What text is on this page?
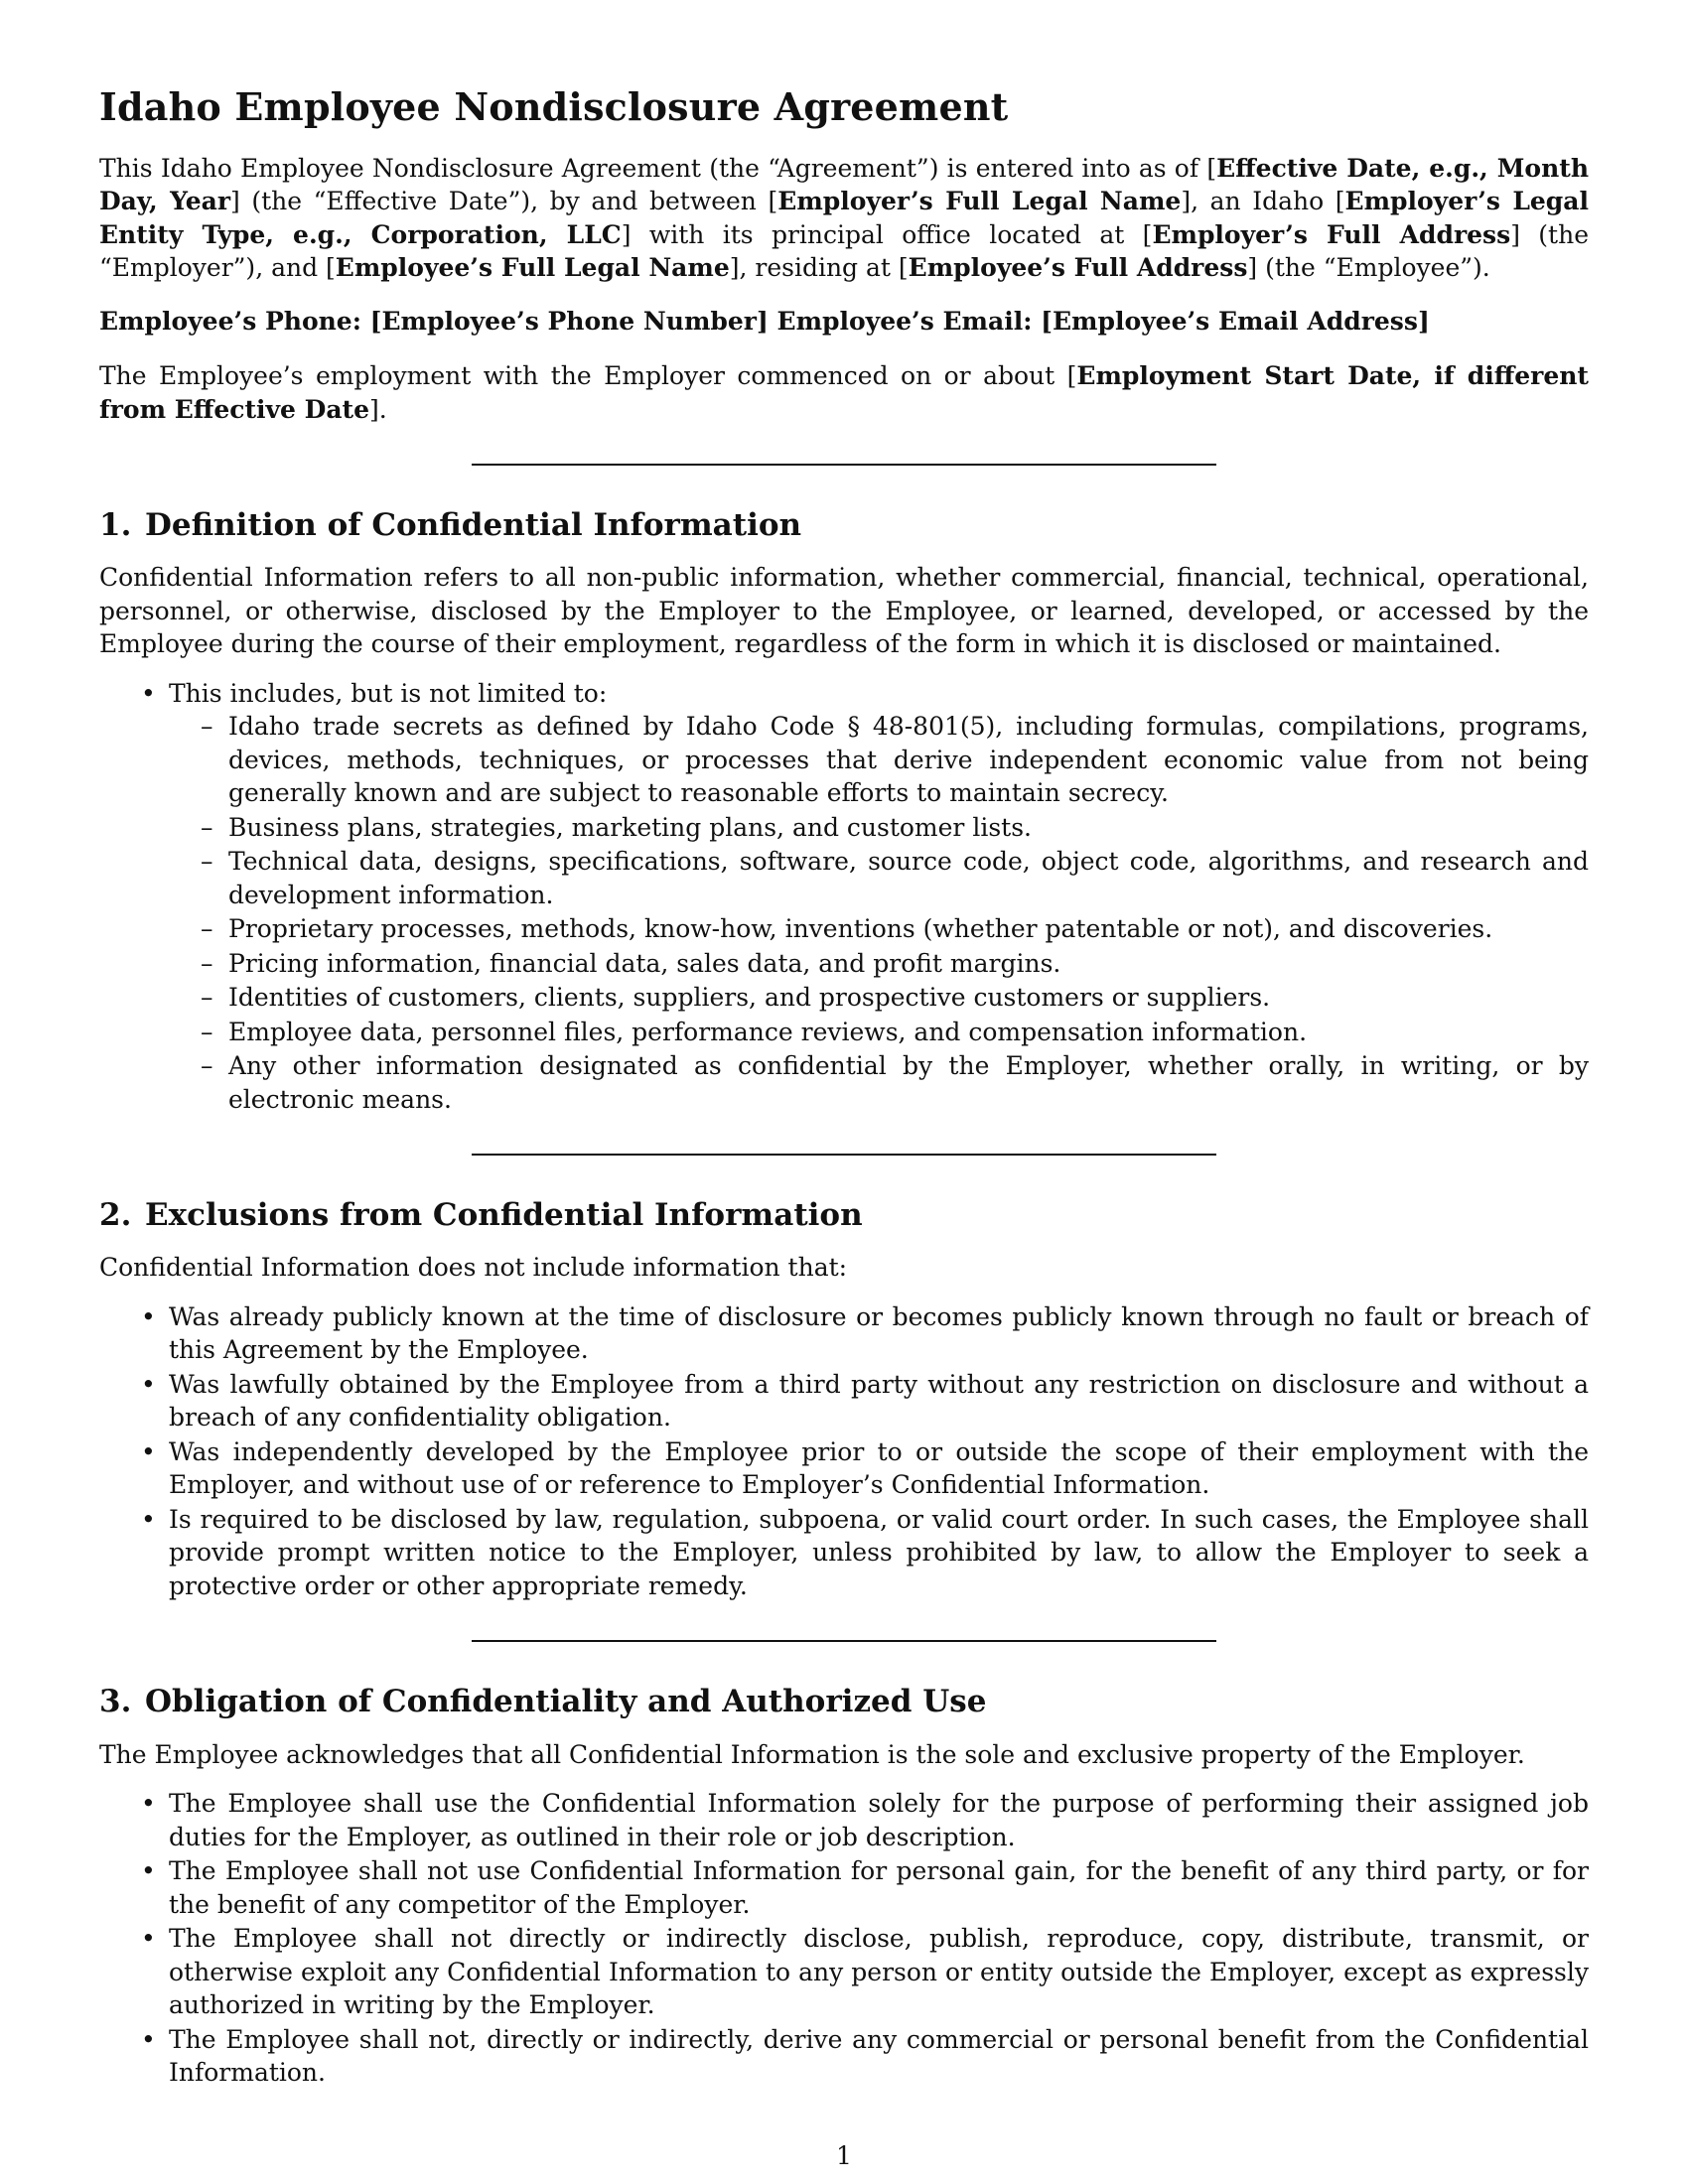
Idaho Employee Nondisclosure Agreement

This Idaho Employee Nondisclosure Agreement (the “Agreement”) is entered into as of [Effective Date, e.g., Month Day, Year] (the “Effective Date”), by and between [Employer’s Full Legal Name], an Idaho [Employer’s Legal Entity Type, e.g., Corporation, LLC] with its principal office located at [Employer’s Full Address] (the “Employer”), and [Employee’s Full Legal Name], residing at [Employee’s Full Address] (the “Employee”).

Employee’s Phone: [Employee’s Phone Number] Employee’s Email: [Employee’s Email Address]

The Employee’s employment with the Employer commenced on or about [Employment Start Date, if different from Effective Date].

1. Definition of Confidential Information

Confidential Information refers to all non-public information, whether commercial, financial, technical, operational, personnel, or otherwise, disclosed by the Employer to the Employee, or learned, developed, or accessed by the Employee during the course of their employment, regardless of the form in which it is disclosed or maintained.

• This includes, but is not limited to:
– Idaho trade secrets as defined by Idaho Code § 48-801(5), including formulas, compilations, programs, devices, methods, techniques, or processes that derive independent economic value from not being generally known and are subject to reasonable efforts to maintain secrecy.
– Business plans, strategies, marketing plans, and customer lists.
– Technical data, designs, specifications, software, source code, object code, algorithms, and research and development information.
– Proprietary processes, methods, know-how, inventions (whether patentable or not), and discoveries.
– Pricing information, financial data, sales data, and profit margins.
– Identities of customers, clients, suppliers, and prospective customers or suppliers.
– Employee data, personnel files, performance reviews, and compensation information.
– Any other information designated as confidential by the Employer, whether orally, in writing, or by electronic means.
2. Exclusions from Confidential Information

Confidential Information does not include information that:

• Was already publicly known at the time of disclosure or becomes publicly known through no fault or breach of this Agreement by the Employee.
• Was lawfully obtained by the Employee from a third party without any restriction on disclosure and without a breach of any confidentiality obligation.
• Was independently developed by the Employee prior to or outside the scope of their employment with the Employer, and without use of or reference to Employer’s Confidential Information.
• Is required to be disclosed by law, regulation, subpoena, or valid court order. In such cases, the Employee shall provide prompt written notice to the Employer, unless prohibited by law, to allow the Employer to seek a protective order or other appropriate remedy.
3. Obligation of Confidentiality and Authorized Use

The Employee acknowledges that all Confidential Information is the sole and exclusive property of the Employer.

• The Employee shall use the Confidential Information solely for the purpose of performing their assigned job duties for the Employer, as outlined in their role or job description.
• The Employee shall not use Confidential Information for personal gain, for the benefit of any third party, or for the benefit of any competitor of the Employer.
• The Employee shall not directly or indirectly disclose, publish, reproduce, copy, distribute, transmit, or otherwise exploit any Confidential Information to any person or entity outside the Employer, except as expressly authorized in writing by the Employer.
• The Employee shall not, directly or indirectly, derive any commercial or personal benefit from the Confidential Information.
1
